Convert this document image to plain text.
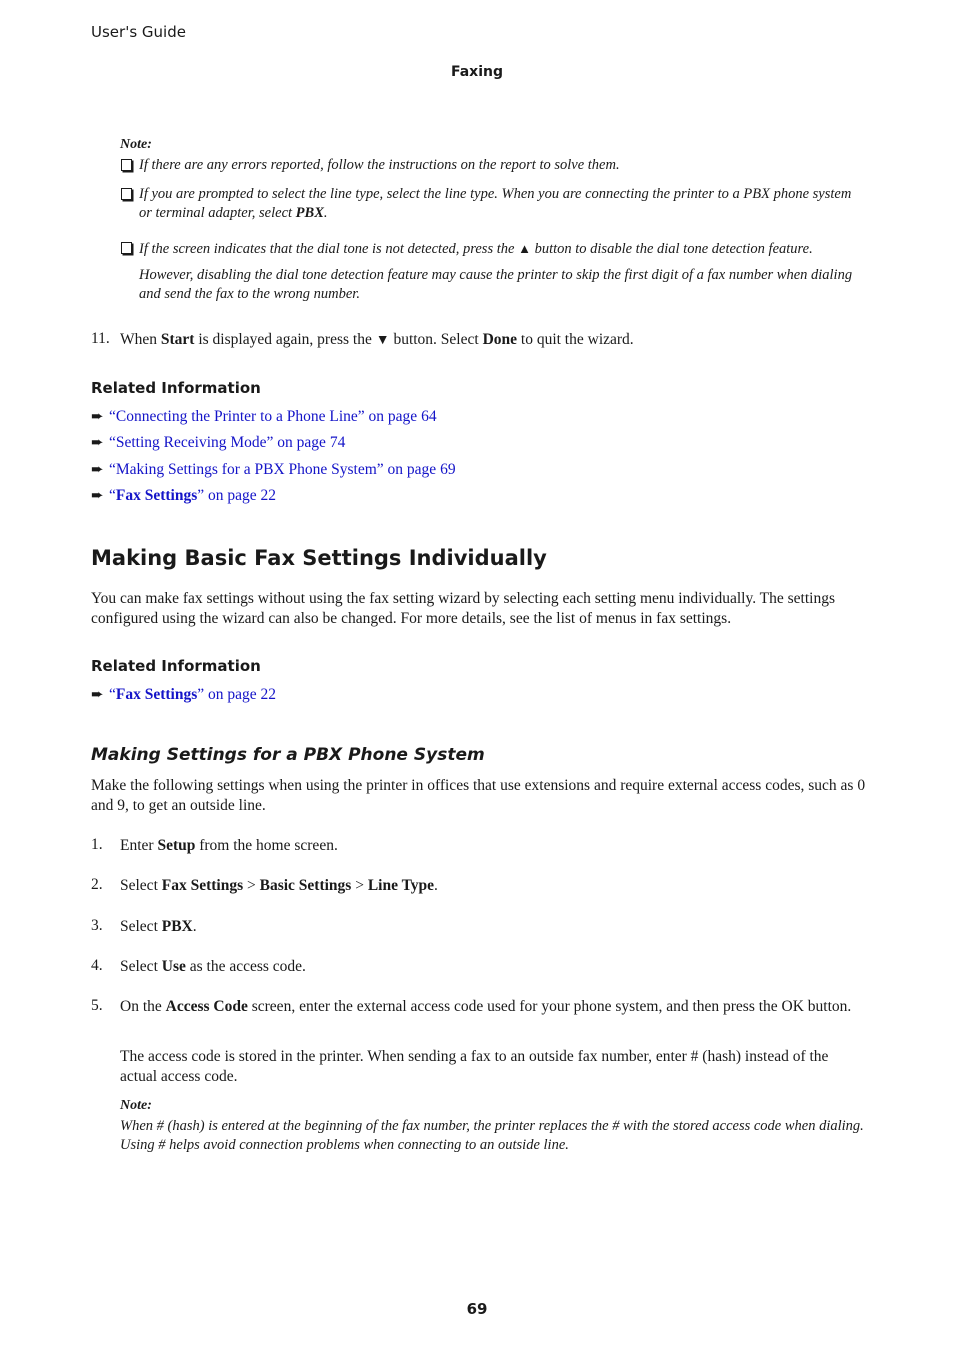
User's Guide
Faxing
Note:
If there are any errors reported, follow the instructions on the report to solve them.
If you are prompted to select the line type, select the line type. When you are connecting the printer to a PBX phone system or terminal adapter, select PBX.
If the screen indicates that the dial tone is not detected, press the ▲ button to disable the dial tone detection feature.
However, disabling the dial tone detection feature may cause the printer to skip the first digit of a fax number when dialing and send the fax to the wrong number.
11. When Start is displayed again, press the ▼ button. Select Done to quit the wizard.
Related Information
➨ “Connecting the Printer to a Phone Line” on page 64
➨ “Setting Receiving Mode” on page 74
➨ “Making Settings for a PBX Phone System” on page 69
➨ “Fax Settings” on page 22
Making Basic Fax Settings Individually
You can make fax settings without using the fax setting wizard by selecting each setting menu individually. The settings configured using the wizard can also be changed. For more details, see the list of menus in fax settings.
Related Information
➨ “Fax Settings” on page 22
Making Settings for a PBX Phone System
Make the following settings when using the printer in offices that use extensions and require external access codes, such as 0 and 9, to get an outside line.
1. Enter Setup from the home screen.
2. Select Fax Settings > Basic Settings > Line Type.
3. Select PBX.
4. Select Use as the access code.
5. On the Access Code screen, enter the external access code used for your phone system, and then press the OK button.
The access code is stored in the printer. When sending a fax to an outside fax number, enter # (hash) instead of the actual access code.
Note:
When # (hash) is entered at the beginning of the fax number, the printer replaces the # with the stored access code when dialing. Using # helps avoid connection problems when connecting to an outside line.
69
